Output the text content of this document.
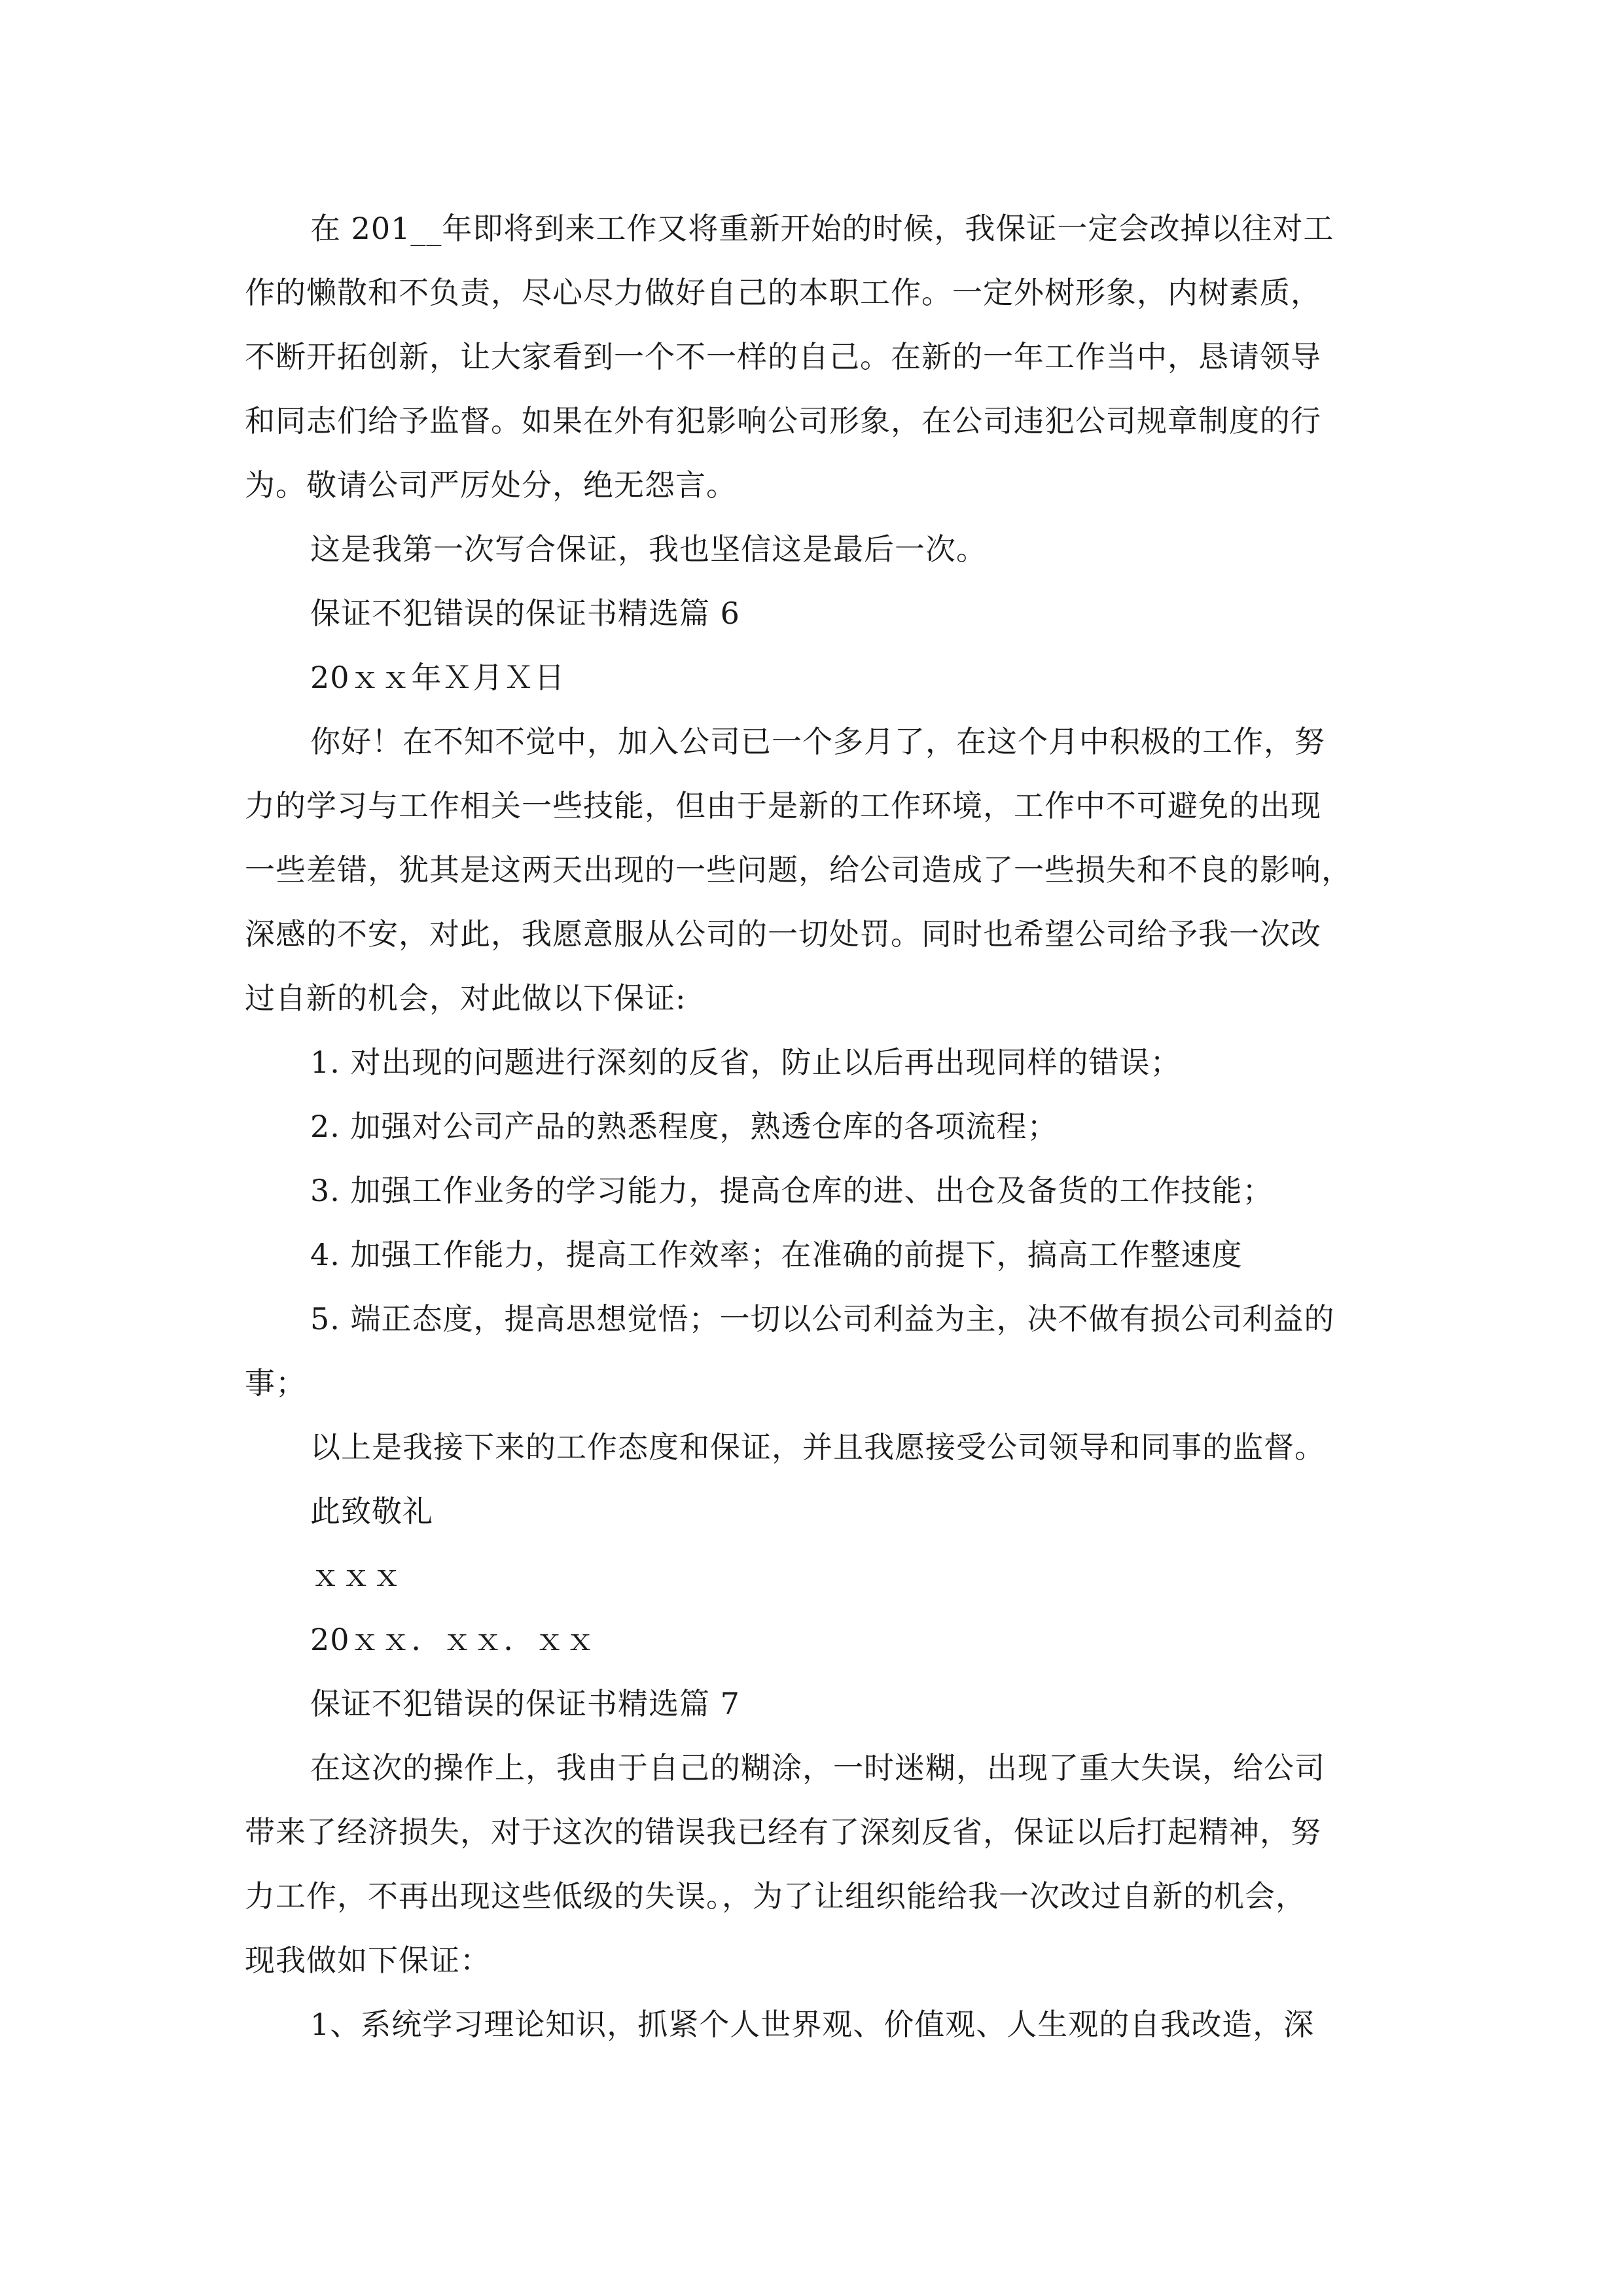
在 201__年即将到来工作又将重新开始的时候，我保证一定会改掉以往对工
作的懒散和不负责，尽心尽力做好自己的本职工作。一定外树形象，内树素质，
不断开拓创新，让大家看到一个不一样的自己。在新的一年工作当中，恳请领导
和同志们给予监督。如果在外有犯影响公司形象，在公司违犯公司规章制度的行
为。敬请公司严厉处分，绝无怨言。
这是我第一次写合保证，我也坚信这是最后一次。
保证不犯错误的保证书精选篇 6
20ｘｘ年Ｘ月Ｘ日
你好！在不知不觉中，加入公司已一个多月了，在这个月中积极的工作，努
力的学习与工作相关一些技能，但由于是新的工作环境，工作中不可避免的出现
一些差错，犹其是这两天出现的一些问题，给公司造成了一些损失和不良的影响，
深感的不安，对此，我愿意服从公司的一切处罚。同时也希望公司给予我一次改
过自新的机会，对此做以下保证:
1. 对出现的问题进行深刻的反省，防止以后再出现同样的错误；
2. 加强对公司产品的熟悉程度，熟透仓库的各项流程；
3. 加强工作业务的学习能力，提高仓库的进、出仓及备货的工作技能；
4. 加强工作能力，提高工作效率；在准确的前提下，搞高工作整速度
5. 端正态度，提高思想觉悟；一切以公司利益为主，决不做有损公司利益的
事；
以上是我接下来的工作态度和保证，并且我愿接受公司领导和同事的监督。
此致敬礼
ｘｘｘ
20ｘｘ．ｘｘ．ｘｘ
保证不犯错误的保证书精选篇 7
在这次的操作上，我由于自己的糊涂，一时迷糊，出现了重大失误，给公司
带来了经济损失，对于这次的错误我已经有了深刻反省，保证以后打起精神，努
力工作，不再出现这些低级的失误。，为了让组织能给我一次改过自新的机会，
现我做如下保证：
1、系统学习理论知识，抓紧个人世界观、价值观、人生观的自我改造，深
